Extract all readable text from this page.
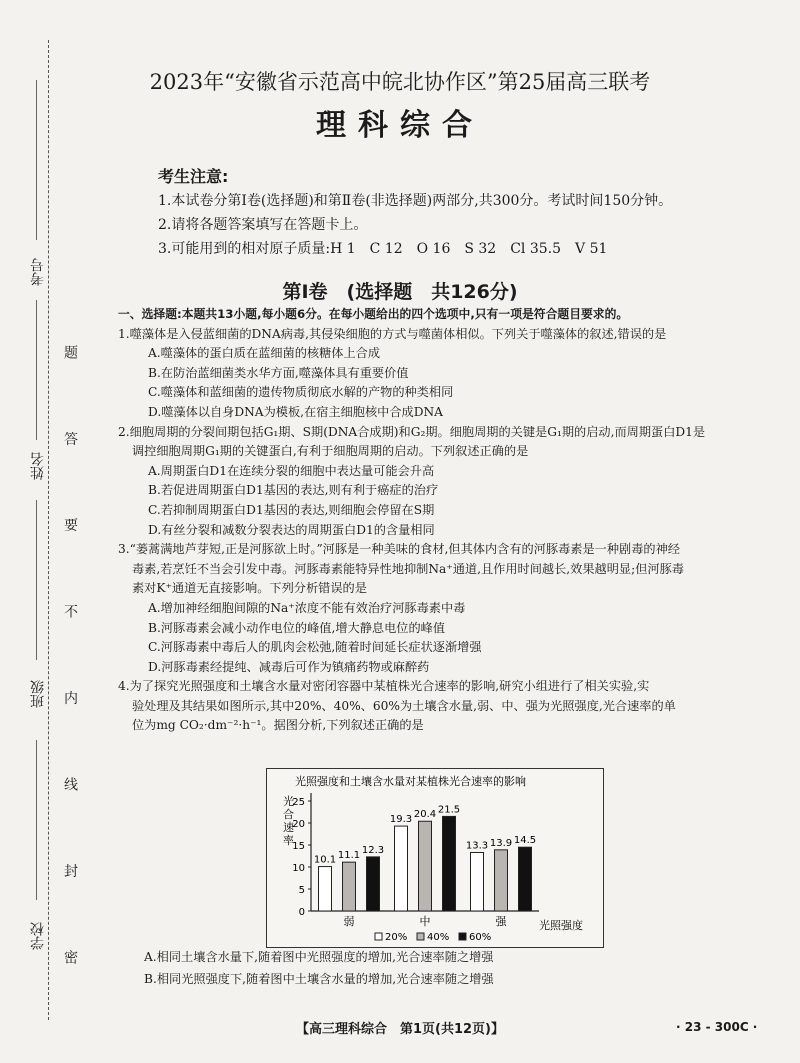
考号
姓名
班级
学校 题 答 要 不 内 线 封 密
2023年“安徽省示范高中皖北协作区”第25届高三联考
理科综合
考生注意:
1.本试卷分第Ⅰ卷(选择题)和第Ⅱ卷(非选择题)两部分,共300分。考试时间150分钟。
2.请将各题答案填写在答题卡上。
3.可能用到的相对原子质量:H 1　C 12　O 16　S 32　Cl 35.5　V 51
第Ⅰ卷　(选择题　共126分)

一、选择题:本题共13小题,每小题6分。在每小题给出的四个选项中,只有一项是符合题目要求的。

1.噬藻体是入侵蓝细菌的DNA病毒,其侵染细胞的方式与噬菌体相似。下列关于噬藻体的叙述,错误的是

A.噬藻体的蛋白质在蓝细菌的核糖体上合成

B.在防治蓝细菌类水华方面,噬藻体具有重要价值

C.噬藻体和蓝细菌的遗传物质彻底水解的产物的种类相同

D.噬藻体以自身DNA为模板,在宿主细胞核中合成DNA

2.细胞周期的分裂间期包括G₁期、S期(DNA合成期)和G₂期。细胞周期的关键是G₁期的启动,而周期蛋白D1是

调控细胞周期G₁期的关键蛋白,有利于细胞周期的启动。下列叙述正确的是

A.周期蛋白D1在连续分裂的细胞中表达量可能会升高

B.若促进周期蛋白D1基因的表达,则有利于癌症的治疗

C.若抑制周期蛋白D1基因的表达,则细胞会停留在S期

D.有丝分裂和减数分裂表达的周期蛋白D1的含量相同

3.“蒌蒿满地芦芽短,正是河豚欲上时。”河豚是一种美味的食材,但其体内含有的河豚毒素是一种剧毒的神经

毒素,若烹饪不当会引发中毒。河豚毒素能特异性地抑制Na⁺通道,且作用时间越长,效果越明显;但河豚毒

素对K⁺通道无直接影响。下列分析错误的是

A.增加神经细胞间隙的Na⁺浓度不能有效治疗河豚毒素中毒

B.河豚毒素会减小动作电位的峰值,增大静息电位的峰值

C.河豚毒素中毒后人的肌肉会松弛,随着时间延长症状逐渐增强

D.河豚毒素经提纯、减毒后可作为镇痛药物或麻醉药

4.为了探究光照强度和土壤含水量对密闭容器中某植株光合速率的影响,研究小组进行了相关实验,实

验处理及其结果如图所示,其中20%、40%、60%为土壤含水量,弱、中、强为光照强度,光合速率的单

位为mg CO₂·dm⁻²·h⁻¹。据图分析,下列叙述正确的是

光照强度和土壤含水量对某植株光合速率的影响
光合速率
光照强度
0
5
10
15
20
25
10.1 11.1 12.3
弱
19.3 20.4 21.5
中
13.3 13.9 14.5
强
20% 40% 60%
A.相同土壤含水量下,随着图中光照强度的增加,光合速率随之增强
B.相同光照强度下,随着图中土壤含水量的增加,光合速率随之增强
【高三理科综合　第1页(共12页)】	· 23 - 300C ·
